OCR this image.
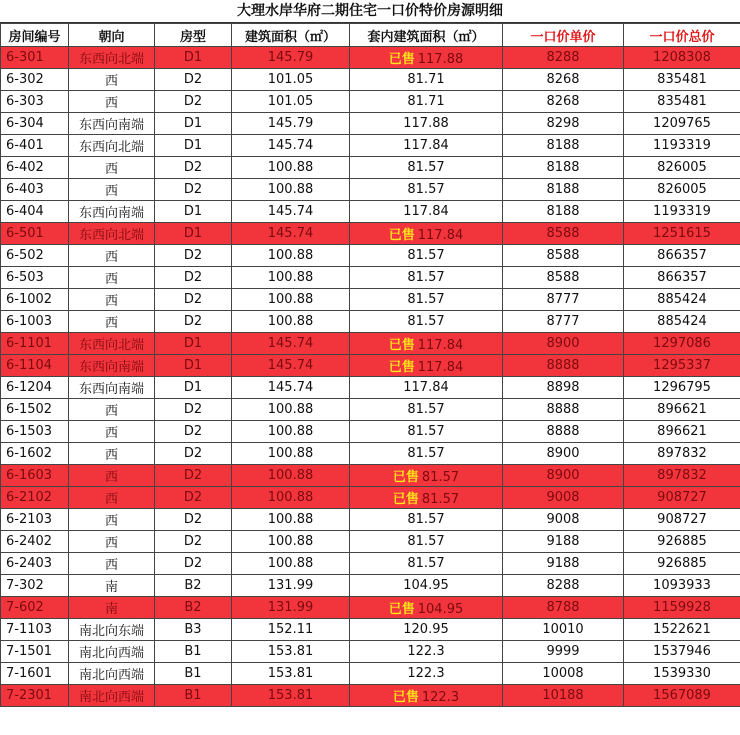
大理水岸华府二期住宅一口价特价房源明细
房间编号	朝向	房型	建筑面积（㎡）	套内建筑面积（㎡）	一口价单价	一口价总价
6-301	东西向北端	D1	145.79	已售 117.88	8288	1208308
6-302	西	D2	101.05	81.71	8268	835481
6-303	西	D2	101.05	81.71	8268	835481
6-304	东西向南端	D1	145.79	117.88	8298	1209765
6-401	东西向北端	D1	145.74	117.84	8188	1193319
6-402	西	D2	100.88	81.57	8188	826005
6-403	西	D2	100.88	81.57	8188	826005
6-404	东西向南端	D1	145.74	117.84	8188	1193319
6-501	东西向北端	D1	145.74	已售 117.84	8588	1251615
6-502	西	D2	100.88	81.57	8588	866357
6-503	西	D2	100.88	81.57	8588	866357
6-1002	西	D2	100.88	81.57	8777	885424
6-1003	西	D2	100.88	81.57	8777	885424
6-1101	东西向北端	D1	145.74	已售 117.84	8900	1297086
6-1104	东西向南端	D1	145.74	已售 117.84	8888	1295337
6-1204	东西向南端	D1	145.74	117.84	8898	1296795
6-1502	西	D2	100.88	81.57	8888	896621
6-1503	西	D2	100.88	81.57	8888	896621
6-1602	西	D2	100.88	81.57	8900	897832
6-1603	西	D2	100.88	已售 81.57	8900	897832
6-2102	西	D2	100.88	已售 81.57	9008	908727
6-2103	西	D2	100.88	81.57	9008	908727
6-2402	西	D2	100.88	81.57	9188	926885
6-2403	西	D2	100.88	81.57	9188	926885
7-302	南	B2	131.99	104.95	8288	1093933
7-602	南	B2	131.99	已售 104.95	8788	1159928
7-1103	南北向东端	B3	152.11	120.95	10010	1522621
7-1501	南北向西端	B1	153.81	122.3	9999	1537946
7-1601	南北向西端	B1	153.81	122.3	10008	1539330
7-2301	南北向西端	B1	153.81	已售 122.3	10188	1567089
